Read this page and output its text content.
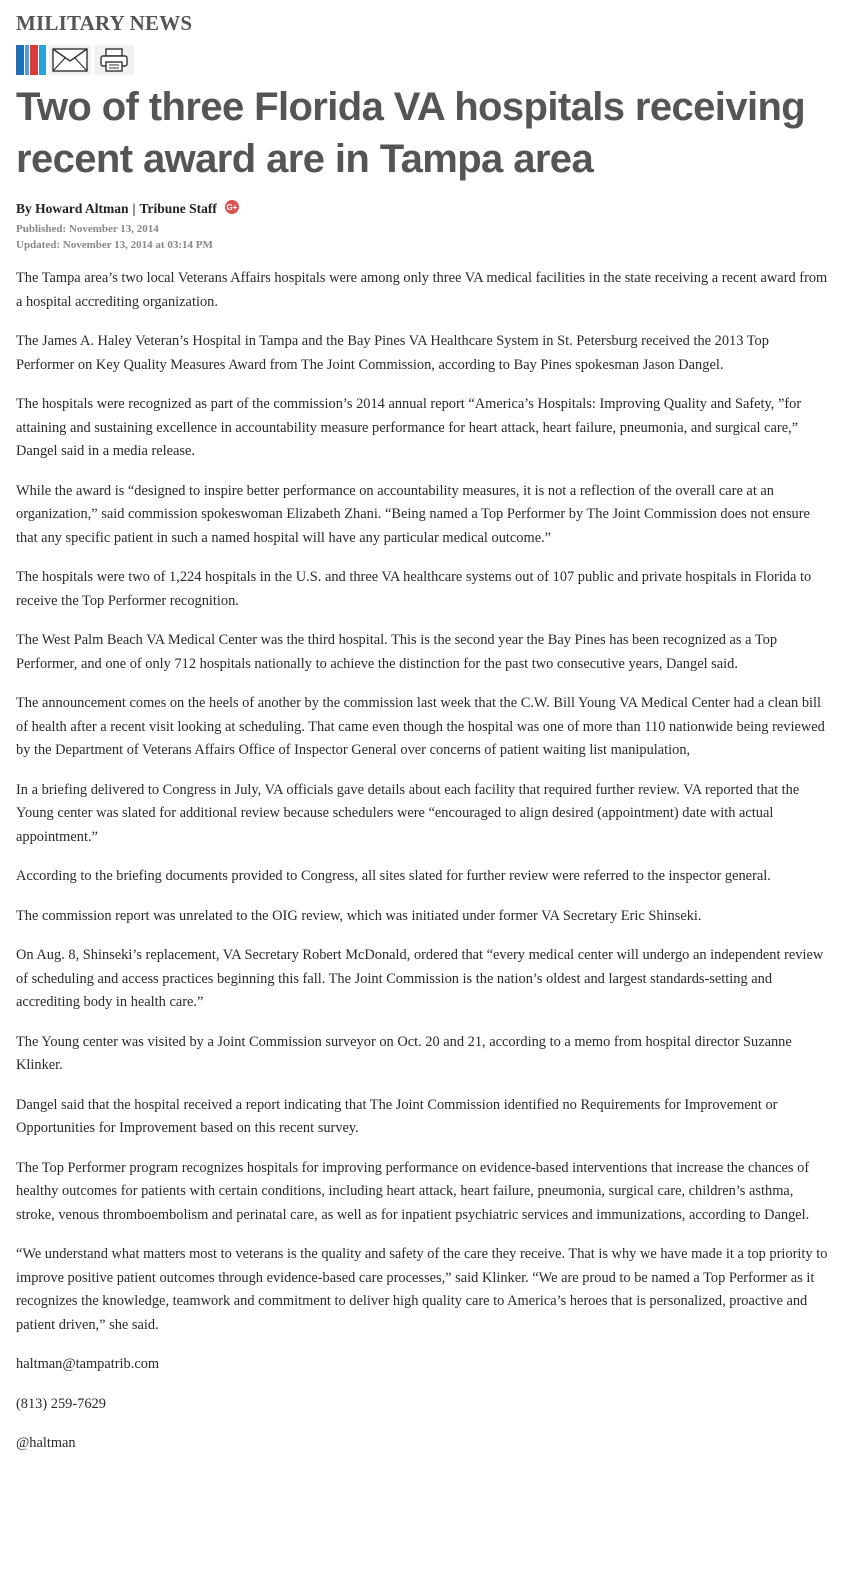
MILITARY NEWS
Two of three Florida VA hospitals receiving recent award are in Tampa area
By Howard Altman | Tribune Staff G+
Published: November 13, 2014
Updated: November 13, 2014 at 03:14 PM

The Tampa area’s two local Veterans Affairs hospitals were among only three VA medical facilities in the state receiving a recent award from a hospital accrediting organization.

The James A. Haley Veteran’s Hospital in Tampa and the Bay Pines VA Healthcare System in St. Petersburg received the 2013 Top Performer on Key Quality Measures Award from The Joint Commission, according to Bay Pines spokesman Jason Dangel.

The hospitals were recognized as part of the commission’s 2014 annual report “America’s Hospitals: Improving Quality and Safety, ”for attaining and sustaining excellence in accountability measure performance for heart attack, heart failure, pneumonia, and surgical care,” Dangel said in a media release.

While the award is “designed to inspire better performance on accountability measures, it is not a reflection of the overall care at an organization,” said commission spokeswoman Elizabeth Zhani. “Being named a Top Performer by The Joint Commission does not ensure that any specific patient in such a named hospital will have any particular medical outcome.”

The hospitals were two of 1,224 hospitals in the U.S. and three VA healthcare systems out of 107 public and private hospitals in Florida to receive the Top Performer recognition.

The West Palm Beach VA Medical Center was the third hospital. This is the second year the Bay Pines has been recognized as a Top Performer, and one of only 712 hospitals nationally to achieve the distinction for the past two consecutive years, Dangel said.

The announcement comes on the heels of another by the commission last week that the C.W. Bill Young VA Medical Center had a clean bill of health after a recent visit looking at scheduling. That came even though the hospital was one of more than 110 nationwide being reviewed by the Department of Veterans Affairs Office of Inspector General over concerns of patient waiting list manipulation,

In a briefing delivered to Congress in July, VA officials gave details about each facility that required further review. VA reported that the Young center was slated for additional review because schedulers were “encouraged to align desired (appointment) date with actual appointment.”

According to the briefing documents provided to Congress, all sites slated for further review were referred to the inspector general.

The commission report was unrelated to the OIG review, which was initiated under former VA Secretary Eric Shinseki.

On Aug. 8, Shinseki’s replacement, VA Secretary Robert McDonald, ordered that “every medical center will undergo an independent review of scheduling and access practices beginning this fall. The Joint Commission is the nation’s oldest and largest standards-setting and accrediting body in health care.”

The Young center was visited by a Joint Commission surveyor on Oct. 20 and 21, according to a memo from hospital director Suzanne Klinker.

Dangel said that the hospital received a report indicating that The Joint Commission identified no Requirements for Improvement or Opportunities for Improvement based on this recent survey.

The Top Performer program recognizes hospitals for improving performance on evidence-based interventions that increase the chances of healthy outcomes for patients with certain conditions, including heart attack, heart failure, pneumonia, surgical care, children’s asthma, stroke, venous thromboembolism and perinatal care, as well as for inpatient psychiatric services and immunizations, according to Dangel.

“We understand what matters most to veterans is the quality and safety of the care they receive. That is why we have made it a top priority to improve positive patient outcomes through evidence-based care processes,” said Klinker. “We are proud to be named a Top Performer as it recognizes the knowledge, teamwork and commitment to deliver high quality care to America’s heroes that is personalized, proactive and patient driven,” she said.

haltman@tampatrib.com

(813) 259-7629

@haltman
